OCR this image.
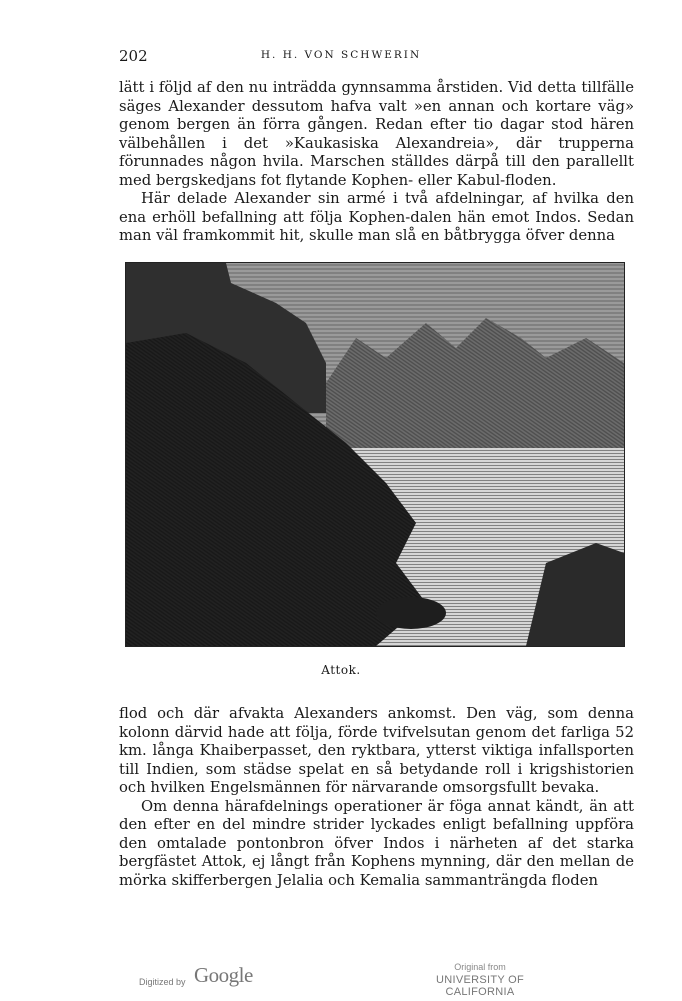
202	H. H. VON SCHWERIN

lätt i följd af den nu inträdda gynnsamma årstiden. Vid detta tillfälle säges Alexander dessutom hafva valt »en annan och kortare väg» genom bergen än förra gången. Redan efter tio dagar stod hären välbehållen i det »Kaukasiska Alexandreia», där trupperna förunnades någon hvila. Marschen ställdes därpå till den parallellt med bergskedjans fot flytande Kophen- eller Kabul-floden.

Här delade Alexander sin armé i två afdelningar, af hvilka den ena erhöll befallning att följa Kophen-dalen hän emot Indos. Sedan man väl framkommit hit, skulle man slå en båtbrygga öfver denna

Attok.

flod och där afvakta Alexanders ankomst. Den väg, som denna kolonn därvid hade att följa, förde tvifvelsutan genom det farliga 52 km. långa Khaiberpasset, den ryktbara, ytterst viktiga infallsporten till Indien, som städse spelat en så betydande roll i krigshistorien och hvilken Engelsmännen för närvarande omsorgsfullt bevaka.

Om denna härafdelnings operationer är föga annat kändt, än att den efter en del mindre strider lyckades enligt befallning uppföra den omtalade pontonbron öfver Indos i närheten af det starka bergfästet Attok, ej långt från Kophens mynning, där den mellan de mörka skifferbergen Jelalia och Kemalia sammanträngda floden

Digitized by Google	Original from
UNIVERSITY OF CALIFORNIA
